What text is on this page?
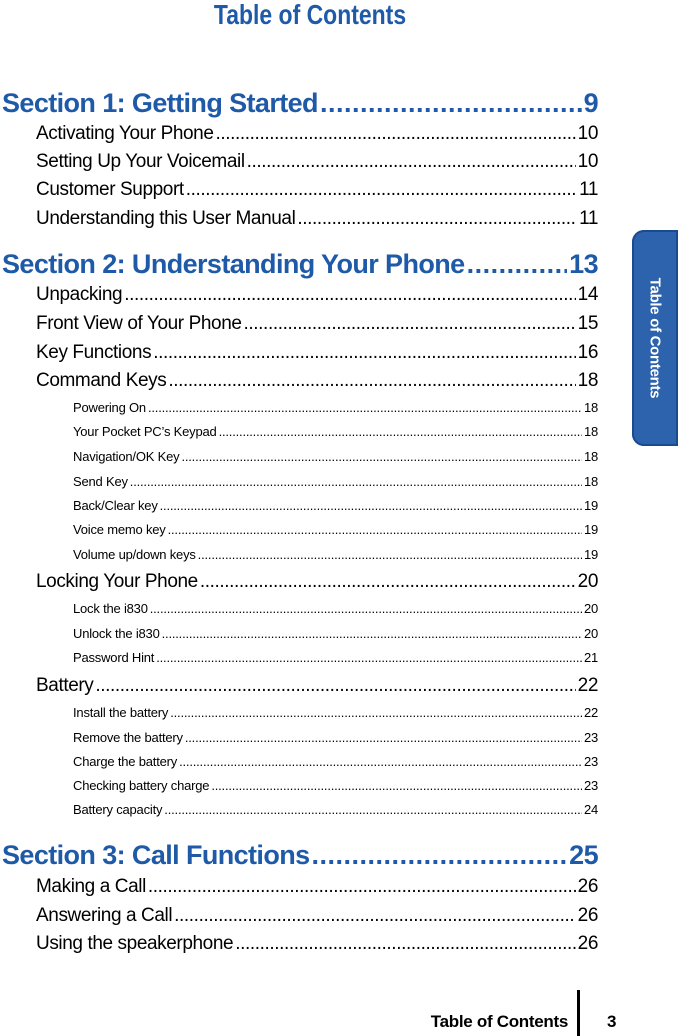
Table of Contents
Section 1: Getting Started .....	9
Activating Your Phone .....	10
Setting Up Your Voicemail .....	10
Customer Support .....	11
Understanding this User Manual .....	11
Section 2: Understanding Your Phone .....	13
Unpacking .....	14
Front View of Your Phone .....	15
Key Functions .....	16
Command Keys .....	18
Powering On .....	18
Your Pocket PC’s Keypad .....	18
Navigation/OK Key .....	18
Send Key .....	18
Back/Clear key .....	19
Voice memo key .....	19
Volume up/down keys .....	19
Locking Your Phone .....	20
Lock the i830 .....	20
Unlock the i830 .....	20
Password Hint .....	21
Battery .....	22
Install the battery .....	22
Remove the battery .....	23
Charge the battery .....	23
Checking battery charge .....	23
Battery capacity .....	24
Section 3: Call Functions .....	25
Making a Call .....	26
Answering a Call .....	26
Using the speakerphone .....	26
Table of Contents
Table of Contents 3
